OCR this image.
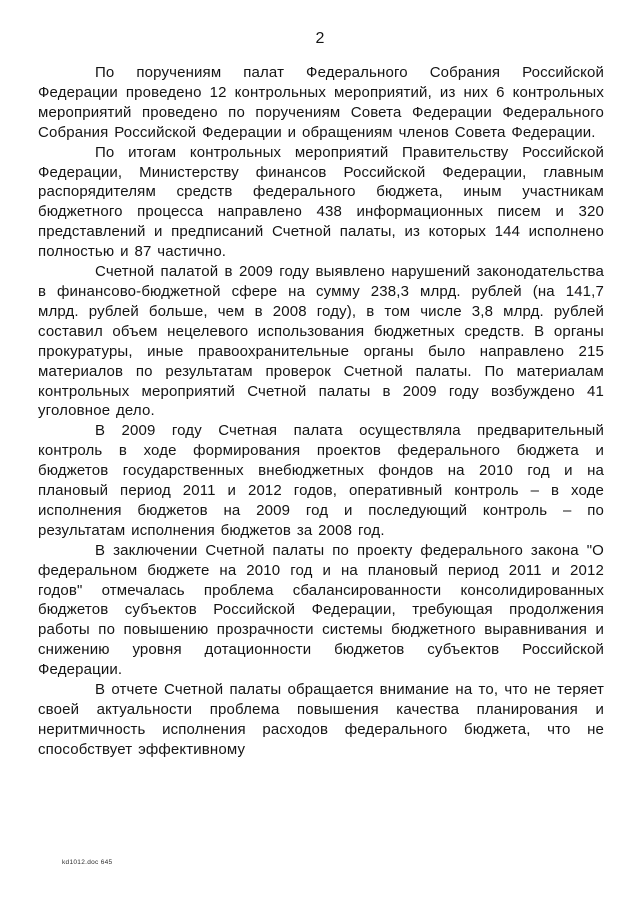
2

По поручениям палат Федерального Собрания Российской Федерации проведено 12 контрольных мероприятий, из них 6 контрольных мероприятий проведено по поручениям Совета Федерации Федерального Собрания Российской Федерации и обращениям членов Совета Федерации.

По итогам контрольных мероприятий Правительству Российской Федерации, Министерству финансов Российской Федерации, главным распорядителям средств федерального бюджета, иным участникам бюджетного процесса направлено 438 информационных писем и 320 представлений и предписаний Счетной палаты, из которых 144 исполнено полностью и 87 частично.

Счетной палатой в 2009 году выявлено нарушений законодательства в финансово-бюджетной сфере на сумму 238,3 млрд. рублей (на 141,7 млрд. рублей больше, чем в 2008 году), в том числе 3,8 млрд. рублей составил объем нецелевого использования бюджетных средств. В органы прокуратуры, иные правоохранительные органы было направлено 215 материалов по результатам проверок Счетной палаты. По материалам контрольных мероприятий Счетной палаты в 2009 году возбуждено 41 уголовное дело.

В 2009 году Счетная палата осуществляла предварительный контроль в ходе формирования проектов федерального бюджета и бюджетов государственных внебюджетных фондов на 2010 год и на плановый период 2011 и 2012 годов, оперативный контроль – в ходе исполнения бюджетов на 2009 год и последующий контроль – по результатам исполнения бюджетов за 2008 год.

В заключении Счетной палаты по проекту федерального закона "О федеральном бюджете на 2010 год и на плановый период 2011 и 2012 годов" отмечалась проблема сбалансированности консолидированных бюджетов субъектов Российской Федерации, требующая продолжения работы по повышению прозрачности системы бюджетного выравнивания и снижению уровня дотационности бюджетов субъектов Российской Федерации.

В отчете Счетной палаты обращается внимание на то, что не теряет своей актуальности проблема повышения качества планирования и неритмичность исполнения расходов федерального бюджета, что не способствует эффективному

kd1012.doc 645
